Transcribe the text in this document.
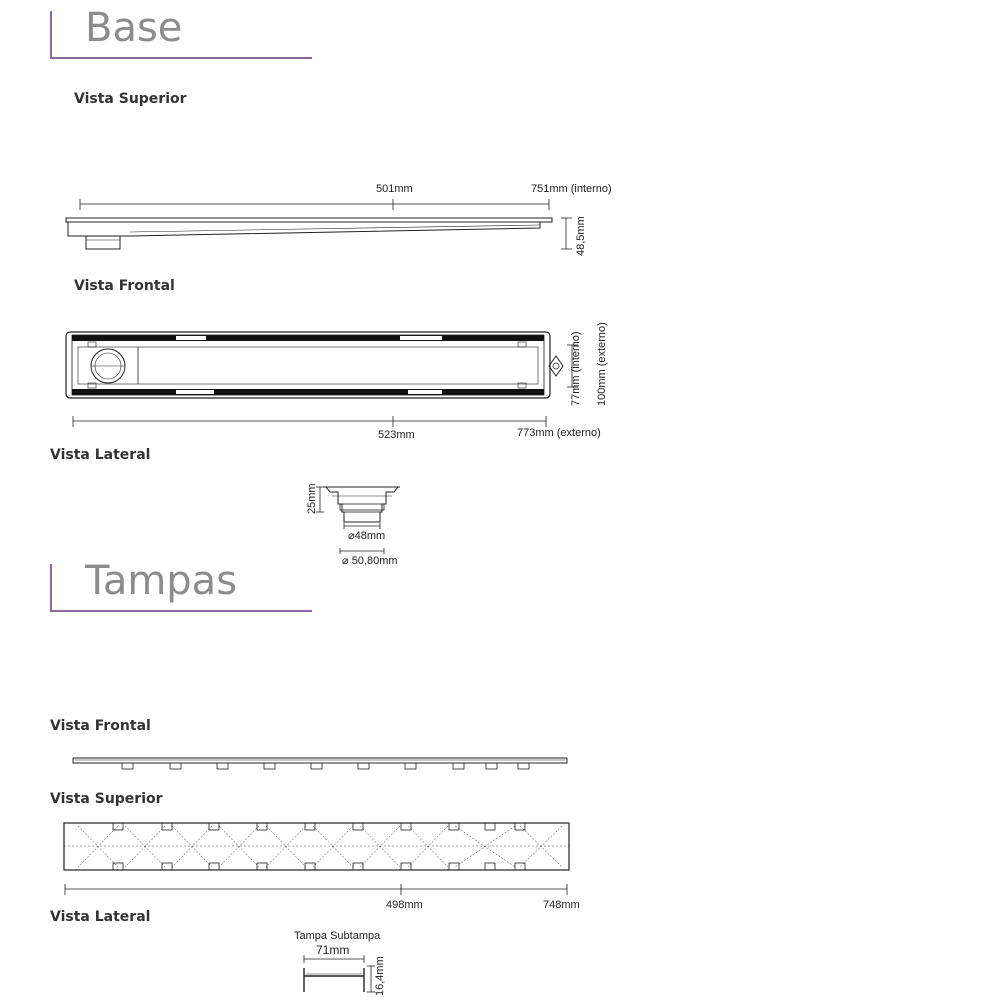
Base
Tampas
Vista Superior
Vista Frontal
Vista Lateral
Vista Frontal
Vista Superior
Vista Lateral
501mm	751mm (interno)
48,5mm
77mm (interno) 100mm (externo)
523mm	773mm (externo)
25mm
⌀48mm
⌀ 50,80mm
498mm	748mm
Tampa Subtampa
71mm
16,4mm
